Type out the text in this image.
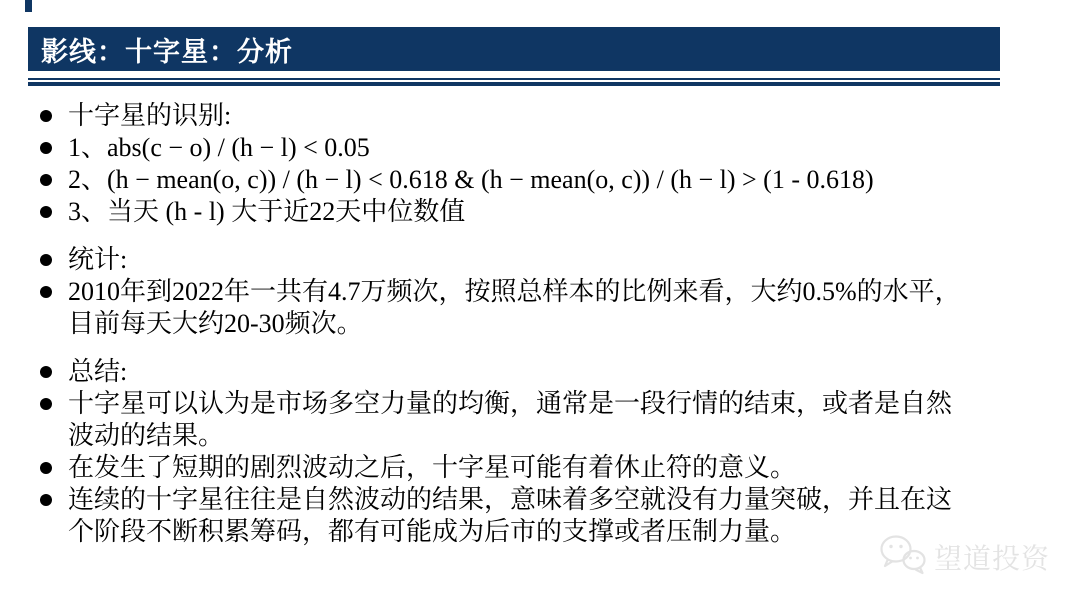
影线：十字星：分析
十字星的识别:
1、abs(c − o) / (h − l) < 0.05
2、(h − mean(o, c)) / (h − l) < 0.618 & (h − mean(o, c)) / (h − l) > (1 - 0.618)
3、当天 (h - l) 大于近22天中位数值
统计:
2010年到2022年一共有4.7万频次，按照总样本的比例来看，大约0.5%的水平，目前每天大约20-30频次。
总结:
十字星可以认为是市场多空力量的均衡，通常是一段行情的结束，或者是自然波动的结果。
在发生了短期的剧烈波动之后，十字星可能有着休止符的意义。
连续的十字星往往是自然波动的结果，意味着多空就没有力量突破，并且在这个阶段不断积累筹码，都有可能成为后市的支撑或者压制力量。
望道投资
